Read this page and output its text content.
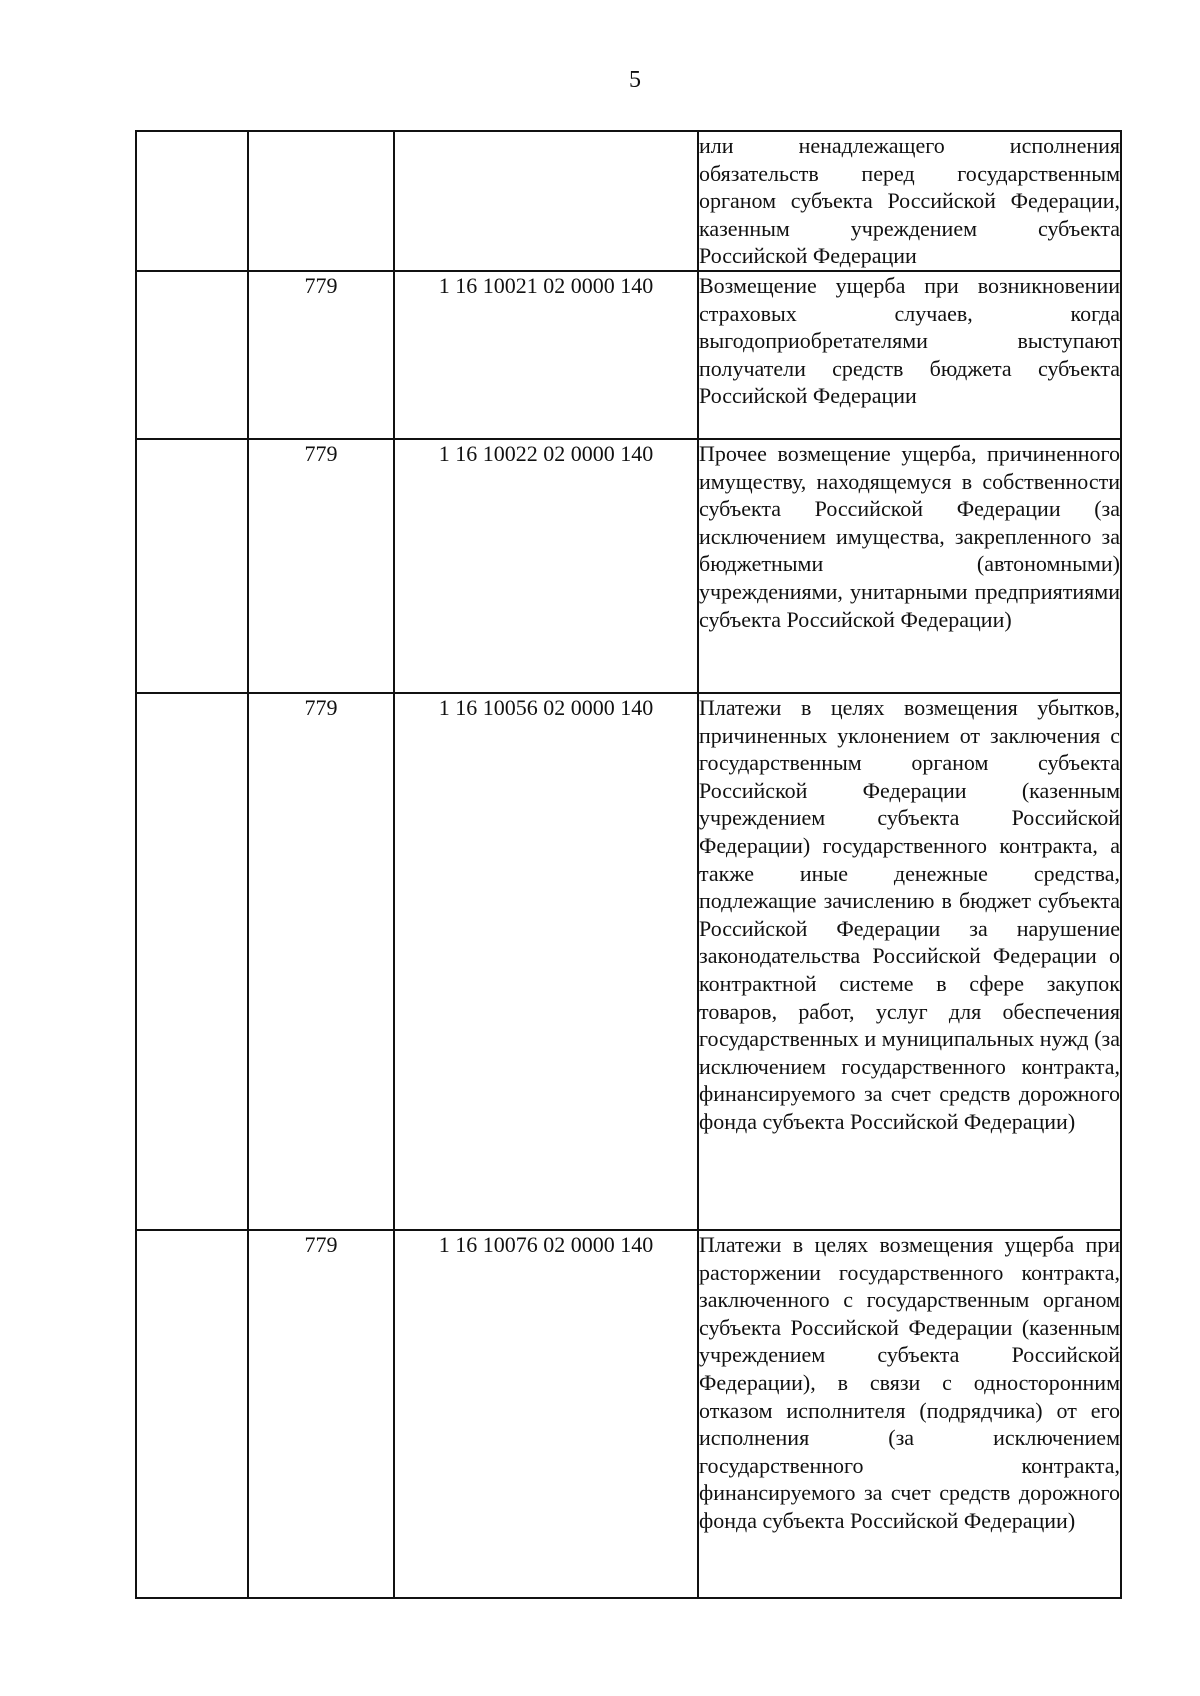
5

			или ненадлежащего исполнения обязательств перед государственным органом субъекта Российской Федерации, казенным учреждением субъекта Российской Федерации

	779	1 16 10021 02 0000 140	Возмещение ущерба при возникновении страховых случаев, когда выгодоприобретателями выступают получатели средств бюджета субъекта Российской Федерации

	779	1 16 10022 02 0000 140	Прочее возмещение ущерба, причиненного имуществу, находящемуся в собственности субъекта Российской Федерации (за исключением имущества, закрепленного за бюджетными (автономными) учреждениями, унитарными предприятиями субъекта Российской Федерации)

	779	1 16 10056 02 0000 140	Платежи в целях возмещения убытков, причиненных уклонением от заключения с государственным органом субъекта Российской Федерации (казенным учреждением субъекта Российской Федерации) государственного контракта, а также иные денежные средства, подлежащие зачислению в бюджет субъекта Российской Федерации за нарушение законодательства Российской Федерации о контрактной системе в сфере закупок товаров, работ, услуг для обеспечения государственных и муниципальных нужд (за исключением государственного контракта, финансируемого за счет средств дорожного фонда субъекта Российской Федерации)

	779	1 16 10076 02 0000 140	Платежи в целях возмещения ущерба при расторжении государственного контракта, заключенного с государственным органом субъекта Российской Федерации (казенным учреждением субъекта Российской Федерации), в связи с односторонним отказом исполнителя (подрядчика) от его исполнения (за исключением государственного контракта, финансируемого за счет средств дорожного фонда субъекта Российской Федерации)
